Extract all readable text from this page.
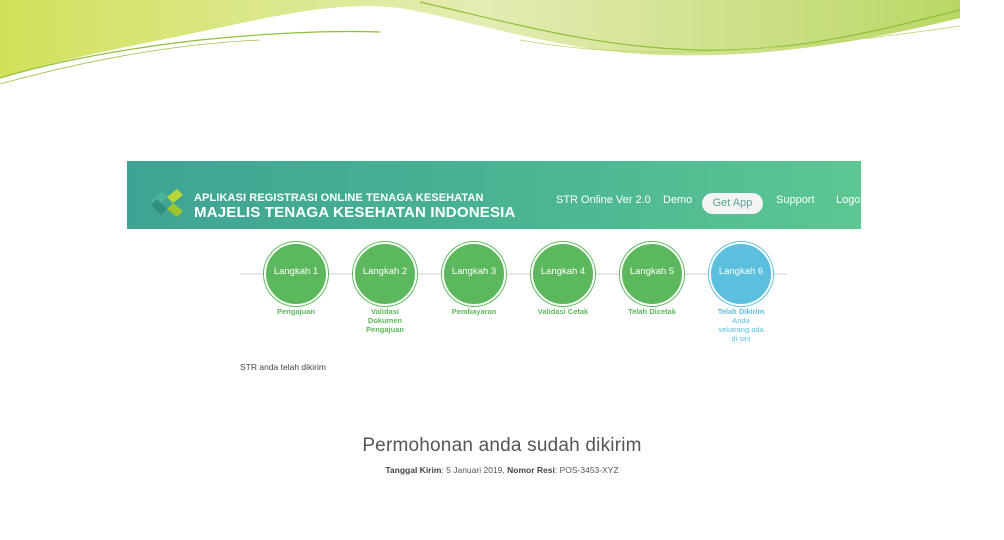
APLIKASI REGISTRASI ONLINE TENAGA KESEHATAN
MAJELIS TENAGA KESEHATAN INDONESIA
STR Online Ver 2.0 Demo	Get App	Support Logout
Langkah 1	Langkah 2	Langkah 3	Langkah 4	Langkah 5	Langkah 6
Pengajuan	Validasi Dokumen Pengajuan
Pembayaran	Validasi Cetak	Telah Dicetak	Telah Dikirim
Anda sekarang ada di sini
STR anda telah dikirim
Permohonan anda sudah dikirim
Tanggal Kirim: 5 Januari 2019, Nomor Resi: POS-3453-XYZ
